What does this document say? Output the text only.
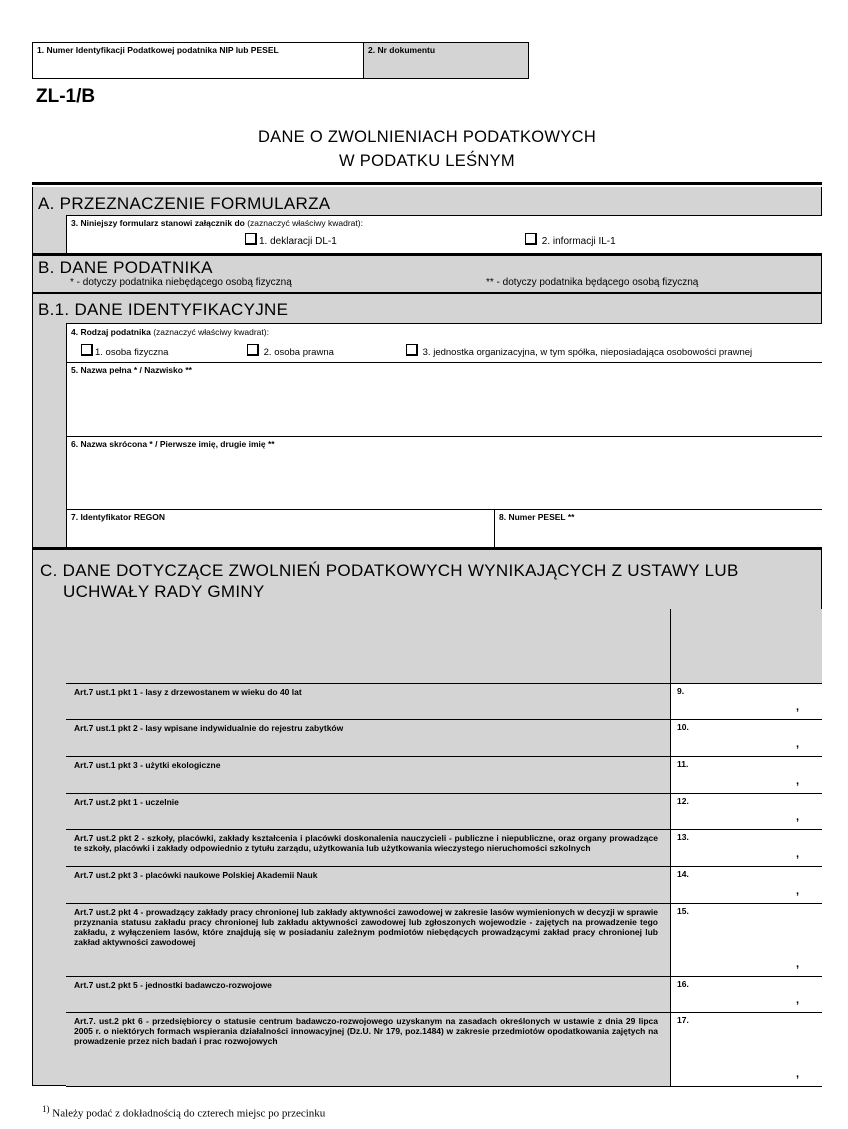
1. Numer Identyfikacji Podatkowej podatnika NIP lub PESEL	2. Nr dokumentu
ZL-1/B
DANE O ZWOLNIENIACH PODATKOWYCH
W PODATKU LEŚNYM
A. PRZEZNACZENIE FORMULARZA
3. Niniejszy formularz stanowi załącznik do (zaznaczyć właściwy kwadrat):
1. deklaracji DL-1	2. informacji IL-1
B. DANE PODATNIKA
* - dotyczy podatnika niebędącego osobą fizyczną	** - dotyczy podatnika będącego osobą fizyczną
B.1. DANE IDENTYFIKACYJNE
4. Rodzaj podatnika (zaznaczyć właściwy kwadrat):
1. osoba fizyczna	2. osoba prawna	3. jednostka organizacyjna, w tym spółka, nieposiadająca osobowości prawnej
5. Nazwa pełna * / Nazwisko **
6. Nazwa skrócona * / Pierwsze imię, drugie imię **
7. Identyfikator REGON	8. Numer PESEL **
C. DANE DOTYCZĄCE ZWOLNIEŃ PODATKOWYCH WYNIKAJĄCYCH Z USTAWY LUB
UCHWAŁY RADY GMINY
Art.7 ust.1 pkt 1 - lasy z drzewostanem w wieku do 40 lat	9.
,
Art.7 ust.1 pkt 2 - lasy wpisane indywidualnie do rejestru zabytków	10.
,
Art.7 ust.1 pkt 3 - użytki ekologiczne	11.
,
Art.7 ust.2 pkt 1 - uczelnie	12.
,
Art.7 ust.2 pkt 2 - szkoły, placówki, zakłady kształcenia i placówki doskonalenia nauczycieli - publiczne i niepubliczne, oraz organy prowadzące te szkoły, placówki i zakłady odpowiednio z tytułu zarządu, użytkowania lub użytkowania wieczystego nieruchomości szkolnych
13.
,
Art.7 ust.2 pkt 3 - placówki naukowe Polskiej Akademii Nauk	14.
,
Art.7 ust.2 pkt 4 - prowadzący zakłady pracy chronionej lub zakłady aktywności zawodowej w zakresie lasów wymienionych w decyzji w sprawie przyznania statusu zakładu pracy chronionej lub zakładu aktywności zawodowej lub zgłoszonych wojewodzie - zajętych na prowadzenie tego zakładu, z wyłączeniem lasów, które znajdują się w posiadaniu zależnym podmiotów niebędących prowadzącymi zakład pracy chronionej lub zakład aktywności zawodowej
15.
,
Art.7 ust.2 pkt 5 - jednostki badawczo-rozwojowe	16.
,
Art.7. ust.2 pkt 6 - przedsiębiorcy o statusie centrum badawczo-rozwojowego uzyskanym na zasadach określonych w ustawie z dnia 29 lipca 2005 r. o niektórych formach wspierania działalności innowacyjnej (Dz.U. Nr 179, poz.1484) w zakresie przedmiotów opodatkowania zajętych na prowadzenie przez nich badań i prac rozwojowych
17.
,
$^{1)}$ Należy podać z dokładnością do czterech miejsc po przecinku
